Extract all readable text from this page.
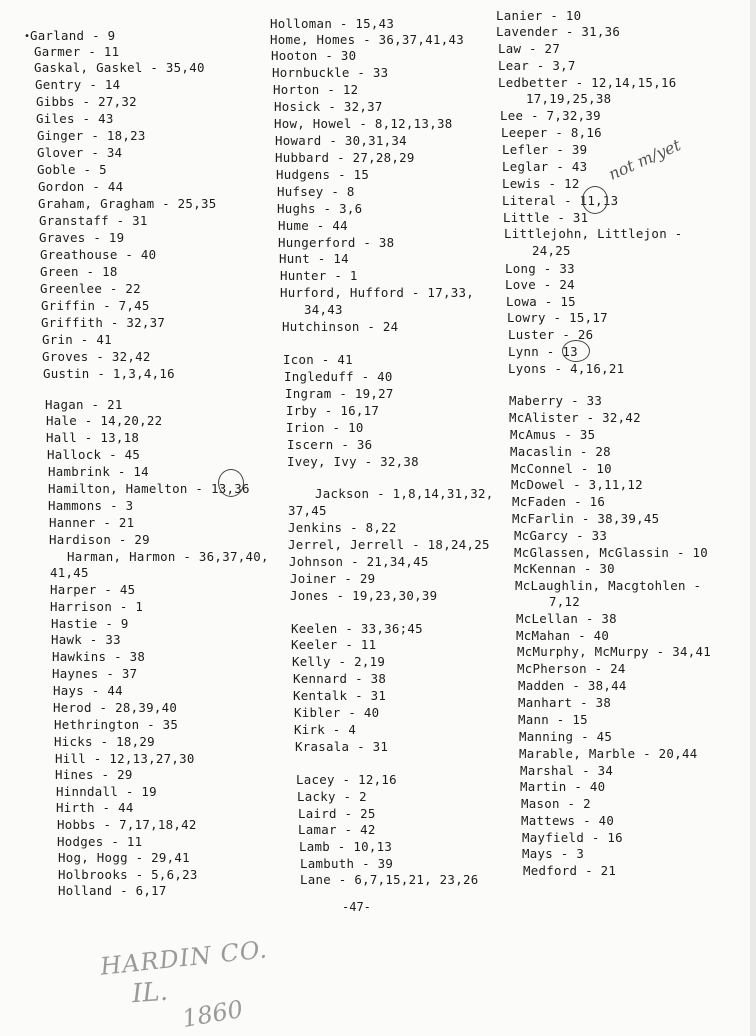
Garland - 9
Garmer - 11
Gaskal, Gaskel - 35,40
Gentry - 14
Gibbs - 27,32
Giles - 43
Ginger - 18,23
Glover - 34
Goble - 5
Gordon - 44
Graham, Gragham - 25,35
Granstaff - 31
Graves - 19
Greathouse - 40
Green - 18
Greenlee - 22
Griffin - 7,45
Griffith - 32,37
Grin - 41
Groves - 32,42
Gustin - 1,3,4,16
Hagan - 21
Hale - 14,20,22
Hall - 13,18
Hallock - 45
Hambrink - 14
Hamilton, Hamelton - 13,36
Hammons - 3
Hanner - 21
Hardison - 29
Harman, Harmon - 36,37,40,
41,45
Harper - 45
Harrison - 1
Hastie - 9
Hawk - 33
Hawkins - 38
Haynes - 37
Hays - 44
Herod - 28,39,40
Hethrington - 35
Hicks - 18,29
Hill - 12,13,27,30
Hines - 29
Hinndall - 19
Hirth - 44
Hobbs - 7,17,18,42
Hodges - 11
Hog, Hogg - 29,41
Holbrooks - 5,6,23
Holland - 6,17
Holloman - 15,43
Home, Homes - 36,37,41,43
Hooton - 30
Hornbuckle - 33
Horton - 12
Hosick - 32,37
How, Howel - 8,12,13,38
Howard - 30,31,34
Hubbard - 27,28,29
Hudgens - 15
Hufsey - 8
Hughs - 3,6
Hume - 44
Hungerford - 38
Hunt - 14
Hunter - 1
Hurford, Hufford - 17,33,
34,43
Hutchinson - 24
Icon - 41
Ingleduff - 40
Ingram - 19,27
Irby - 16,17
Irion - 10
Iscern - 36
Ivey, Ivy - 32,38
Jackson - 1,8,14,31,32,
37,45
Jenkins - 8,22
Jerrel, Jerrell - 18,24,25
Johnson - 21,34,45
Joiner - 29
Jones - 19,23,30,39
Keelen - 33,36;45
Keeler - 11
Kelly - 2,19
Kennard - 38
Kentalk - 31
Kibler - 40
Kirk - 4
Krasala - 31
Lacey - 12,16
Lacky - 2
Laird - 25
Lamar - 42
Lamb - 10,13
Lambuth - 39
Lane - 6,7,15,21, 23,26
Lanier - 10
Lavender - 31,36
Law - 27
Lear - 3,7
Ledbetter - 12,14,15,16
17,19,25,38
Lee - 7,32,39
Leeper - 8,16
Lefler - 39
Leglar - 43
Lewis - 12
Literal - 11,13
Little - 31
Littlejohn, Littlejon -
24,25
Long - 33
Love - 24
Lowa - 15
Lowry - 15,17
Luster - 26
Lynn - 13
Lyons - 4,16,21
Maberry - 33
McAlister - 32,42
McAmus - 35
Macaslin - 28
McConnel - 10
McDowel - 3,11,12
McFaden - 16
McFarlin - 38,39,45
McGarcy - 33
McGlassen, McGlassin - 10
McKennan - 30
McLaughlin, Macgtohlen -
7,12
McLellan - 38
McMahan - 40
McMurphy, McMurpy - 34,41
McPherson - 24
Madden - 38,44
Manhart - 38
Mann - 15
Manning - 45
Marable, Marble - 20,44
Marshal - 34
Martin - 40
Mason - 2
Mattews - 40
Mayfield - 16
Mays - 3
Medford - 21
•
-47-
HARDIN CO.
IL.
1860
not m/yet
